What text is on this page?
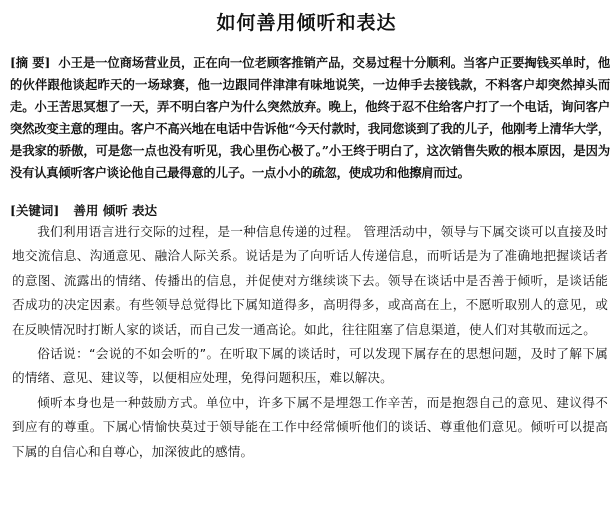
如何善用倾听和表达
[摘 要] 小王是一位商场营业员，正在向一位老顾客推销产品，交易过程十分顺利。当客户正要掏钱买单时，他的伙伴跟他谈起昨天的一场球赛，他一边跟同伴津津有味地说笑，一边伸手去接钱款，不料客户却突然掉头而走。小王苦思冥想了一天，弄不明白客户为什么突然放弃。晚上，他终于忍不住给客户打了一个电话，询问客户突然改变主意的理由。客户不高兴地在电话中告诉他“今天付款时，我同您谈到了我的儿子，他刚考上清华大学，是我家的骄傲，可是您一点也没有听见，我心里伤心极了。”小王终于明白了，这次销售失败的根本原因，是因为没有认真倾听客户谈论他自己最得意的儿子。一点小小的疏忽，使成功和他擦肩而过。
[关键词] 善用 倾听 表达

我们利用语言进行交际的过程，是一种信息传递的过程。 管理活动中，领导与下属交谈可以直接及时地交流信息、沟通意见、融洽人际关系。说话是为了向听话人传递信息，而听话是为了准确地把握谈话者的意图、流露出的情绪、传播出的信息，并促使对方继续谈下去。领导在谈话中是否善于倾听，是谈话能否成功的决定因素。有些领导总觉得比下属知道得多，高明得多，或高高在上，不愿听取别人的意见，或在反映情况时打断人家的谈话，而自己发一通高论。如此，往往阻塞了信息渠道，使人们对其敬而远之。

俗话说：“会说的不如会听的”。在听取下属的谈话时，可以发现下属存在的思想问题，及时了解下属的情绪、意见、建议等，以便相应处理，免得问题积压，难以解决。

倾听本身也是一种鼓励方式。单位中，许多下属不是埋怨工作辛苦，而是抱怨自己的意见、建议得不到应有的尊重。下属心情愉快莫过于领导能在工作中经常倾听他们的谈话、尊重他们意见。倾听可以提高下属的自信心和自尊心，加深彼此的感情。
